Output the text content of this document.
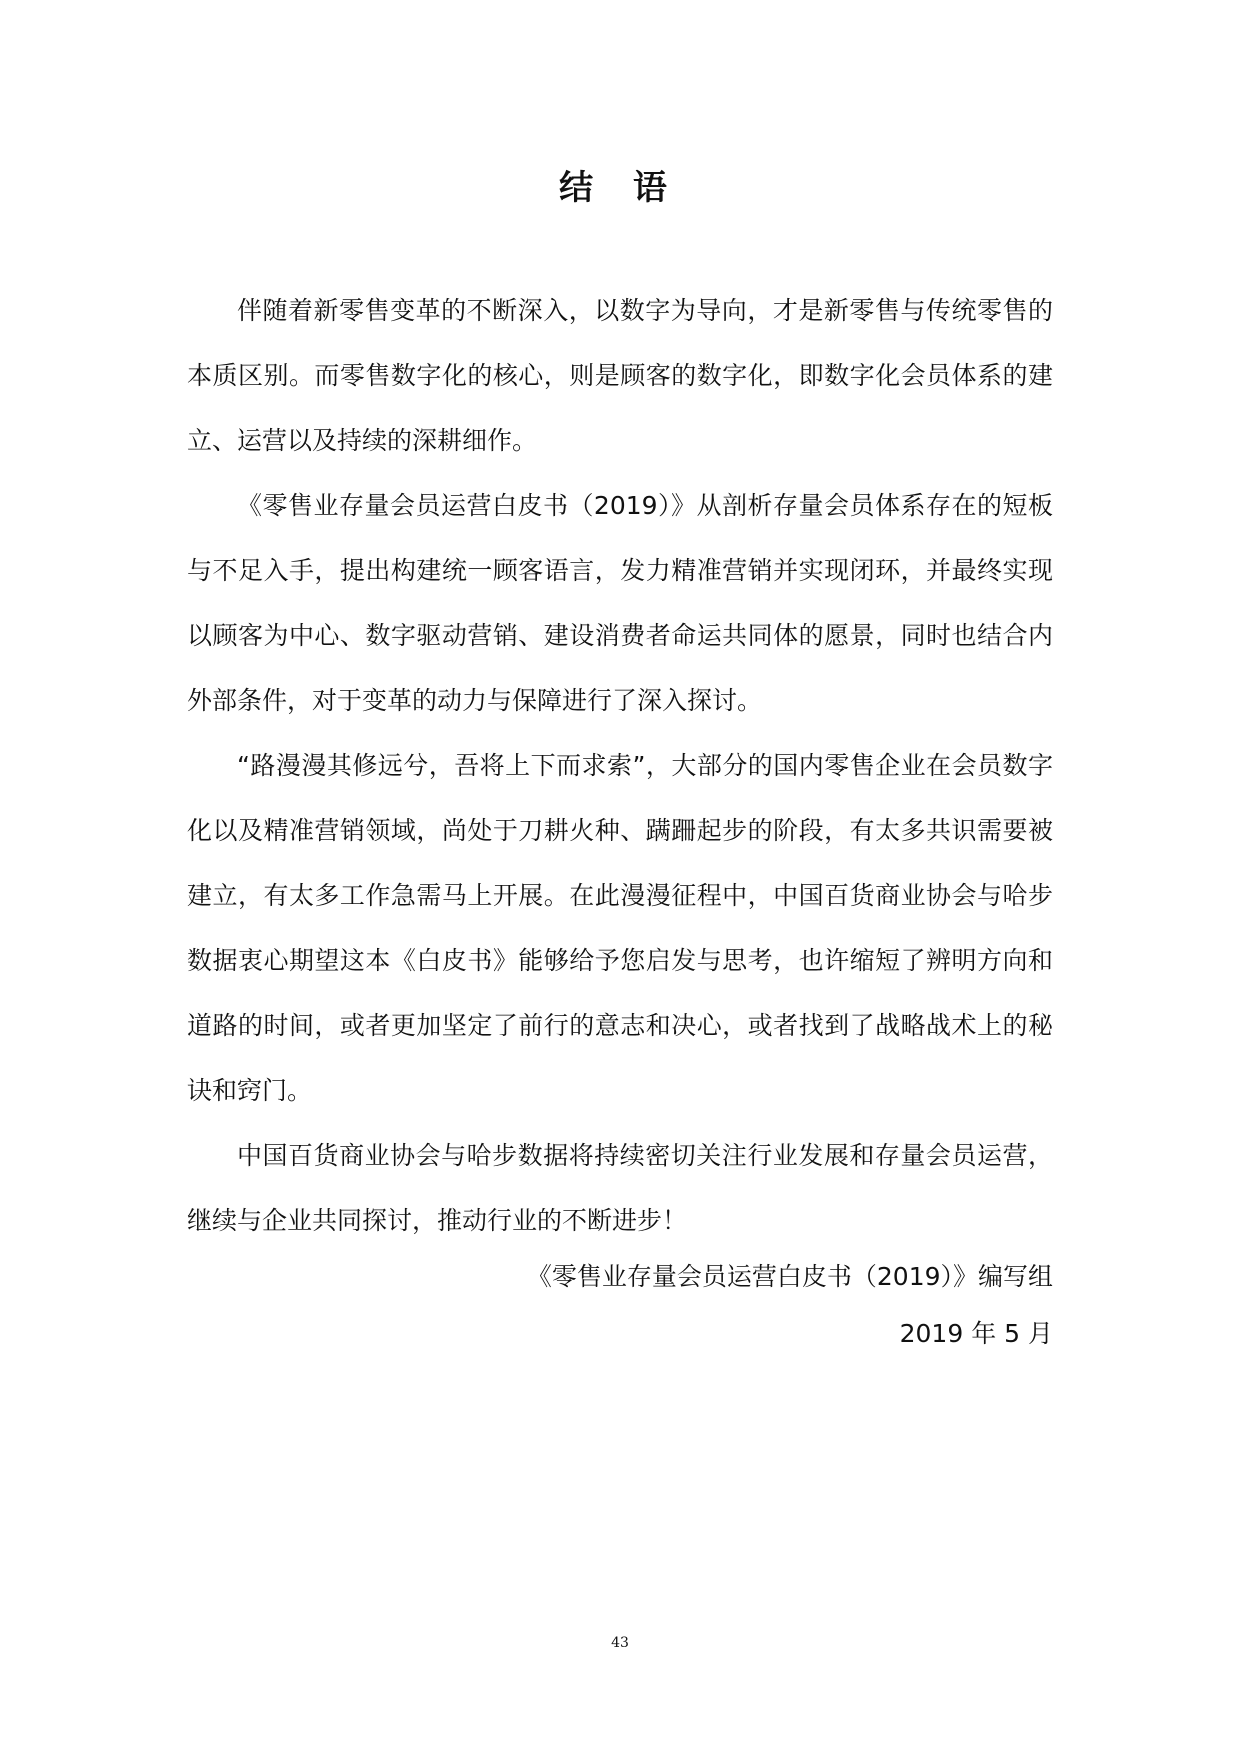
结 语

伴随着新零售变革的不断深入，以数字为导向，才是新零售与传统零售的本质区别。而零售数字化的核心，则是顾客的数字化，即数字化会员体系的建立、运营以及持续的深耕细作。

《零售业存量会员运营白皮书（2019）》从剖析存量会员体系存在的短板与不足入手，提出构建统一顾客语言，发力精准营销并实现闭环，并最终实现以顾客为中心、数字驱动营销、建设消费者命运共同体的愿景，同时也结合内外部条件，对于变革的动力与保障进行了深入探讨。

“路漫漫其修远兮，吾将上下而求索”，大部分的国内零售企业在会员数字化以及精准营销领域，尚处于刀耕火种、蹒跚起步的阶段，有太多共识需要被建立，有太多工作急需马上开展。在此漫漫征程中，中国百货商业协会与哈步数据衷心期望这本《白皮书》能够给予您启发与思考，也许缩短了辨明方向和道路的时间，或者更加坚定了前行的意志和决心，或者找到了战略战术上的秘诀和窍门。

中国百货商业协会与哈步数据将持续密切关注行业发展和存量会员运营，继续与企业共同探讨，推动行业的不断进步！

《零售业存量会员运营白皮书（2019）》编写组

2019 年 5 月

43
